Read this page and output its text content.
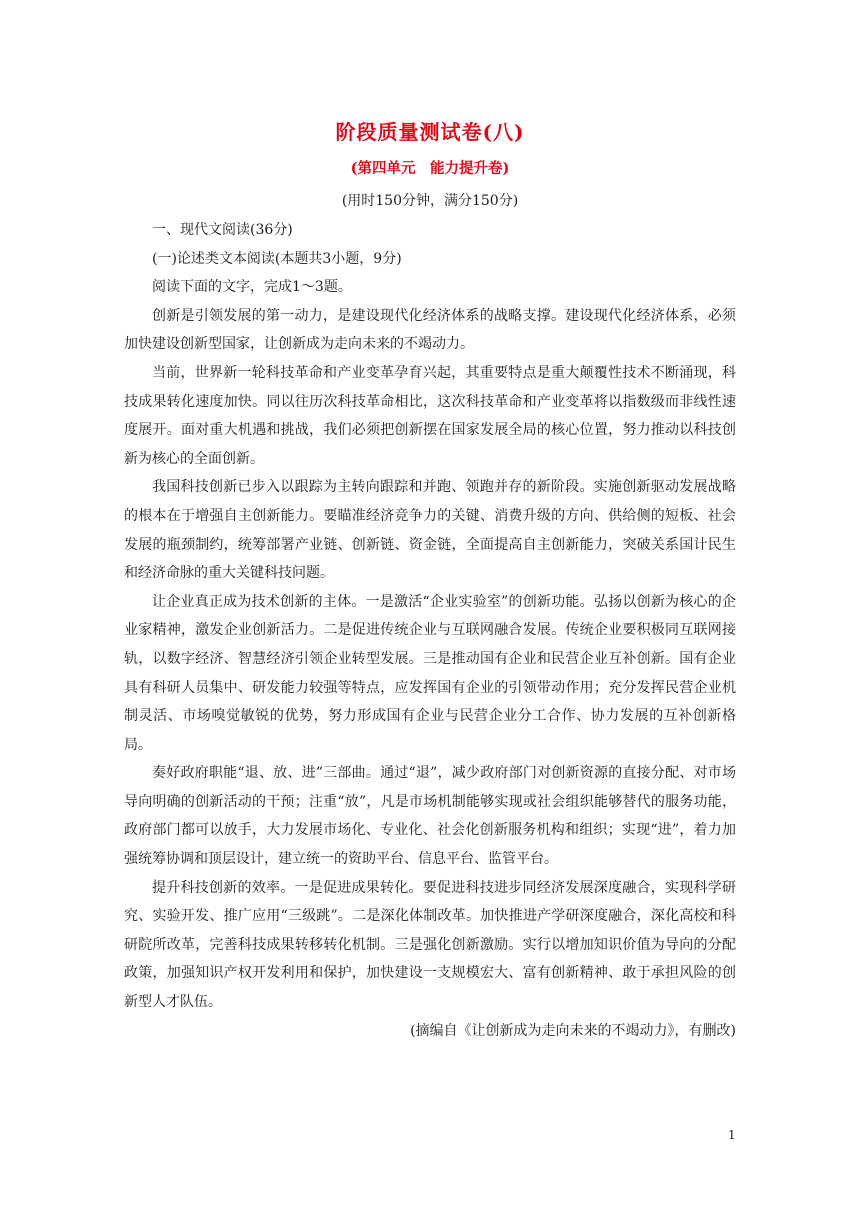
阶段质量测试卷(八)
(第四单元　能力提升卷)
(用时150分钟，满分150分)

一、现代文阅读(36分)

(一)论述类文本阅读(本题共3小题，9分)

阅读下面的文字，完成1～3题。

创新是引领发展的第一动力，是建设现代化经济体系的战略支撑。建设现代化经济体系，必须加快建设创新型国家，让创新成为走向未来的不竭动力。

当前，世界新一轮科技革命和产业变革孕育兴起，其重要特点是重大颠覆性技术不断涌现，科技成果转化速度加快。同以往历次科技革命相比，这次科技革命和产业变革将以指数级而非线性速度展开。面对重大机遇和挑战，我们必须把创新摆在国家发展全局的核心位置，努力推动以科技创新为核心的全面创新。

我国科技创新已步入以跟踪为主转向跟踪和并跑、领跑并存的新阶段。实施创新驱动发展战略的根本在于增强自主创新能力。要瞄准经济竞争力的关键、消费升级的方向、供给侧的短板、社会发展的瓶颈制约，统筹部署产业链、创新链、资金链，全面提高自主创新能力，突破关系国计民生和经济命脉的重大关键科技问题。

让企业真正成为技术创新的主体。一是激活“企业实验室”的创新功能。弘扬以创新为核心的企业家精神，激发企业创新活力。二是促进传统企业与互联网融合发展。传统企业要积极同互联网接轨，以数字经济、智慧经济引领企业转型发展。三是推动国有企业和民营企业互补创新。国有企业具有科研人员集中、研发能力较强等特点，应发挥国有企业的引领带动作用；充分发挥民营企业机制灵活、市场嗅觉敏锐的优势，努力形成国有企业与民营企业分工合作、协力发展的互补创新格局。

奏好政府职能“退、放、进”三部曲。通过“退”，减少政府部门对创新资源的直接分配、对市场导向明确的创新活动的干预；注重“放”，凡是市场机制能够实现或社会组织能够替代的服务功能，政府部门都可以放手，大力发展市场化、专业化、社会化创新服务机构和组织；实现“进”，着力加强统筹协调和顶层设计，建立统一的资助平台、信息平台、监管平台。

提升科技创新的效率。一是促进成果转化。要促进科技进步同经济发展深度融合，实现科学研究、实验开发、推广应用“三级跳”。二是深化体制改革。加快推进产学研深度融合，深化高校和科研院所改革，完善科技成果转移转化机制。三是强化创新激励。实行以增加知识价值为导向的分配政策，加强知识产权开发利用和保护，加快建设一支规模宏大、富有创新精神、敢于承担风险的创新型人才队伍。

(摘编自《让创新成为走向未来的不竭动力》，有删改)

1
